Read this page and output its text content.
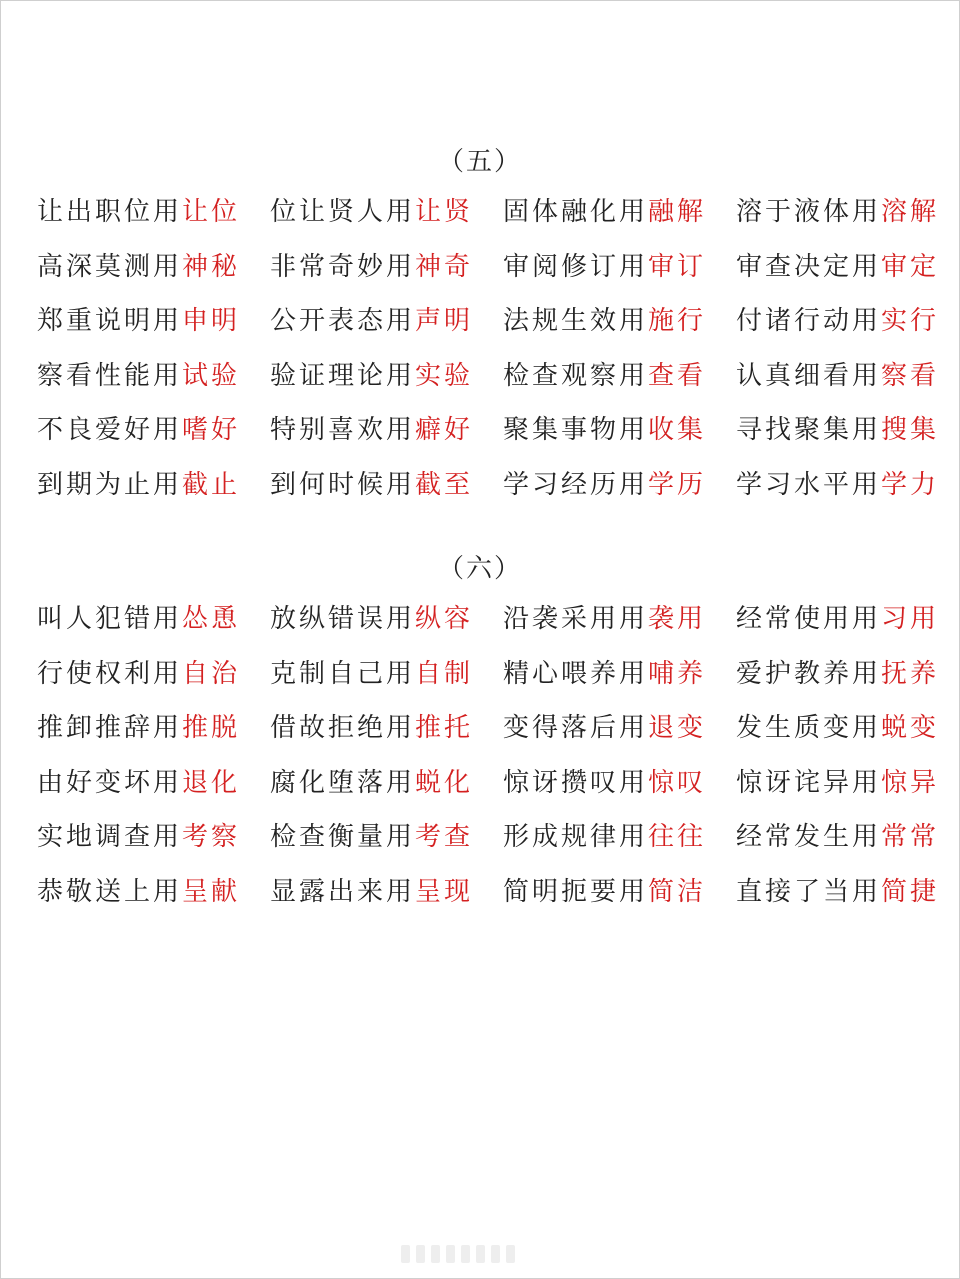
（五）
让出职位用让位	位让贤人用让贤	固体融化用融解	溶于液体用溶解
高深莫测用神秘	非常奇妙用神奇	审阅修订用审订	审查决定用审定
郑重说明用申明	公开表态用声明	法规生效用施行	付诸行动用实行
察看性能用试验	验证理论用实验	检查观察用查看	认真细看用察看
不良爱好用嗜好	特别喜欢用癖好	聚集事物用收集	寻找聚集用搜集
到期为止用截止	到何时候用截至	学习经历用学历	学习水平用学力
（六）
叫人犯错用怂恿	放纵错误用纵容	沿袭采用用袭用	经常使用用习用
行使权利用自治	克制自己用自制	精心喂养用哺养	爱护教养用抚养
推卸推辞用推脱	借故拒绝用推托	变得落后用退变	发生质变用蜕变
由好变坏用退化	腐化堕落用蜕化	惊讶攒叹用惊叹	惊讶诧异用惊异
实地调查用考察	检查衡量用考查	形成规律用往往	经常发生用常常
恭敬送上用呈献	显露出来用呈现	简明扼要用简洁	直接了当用简捷
